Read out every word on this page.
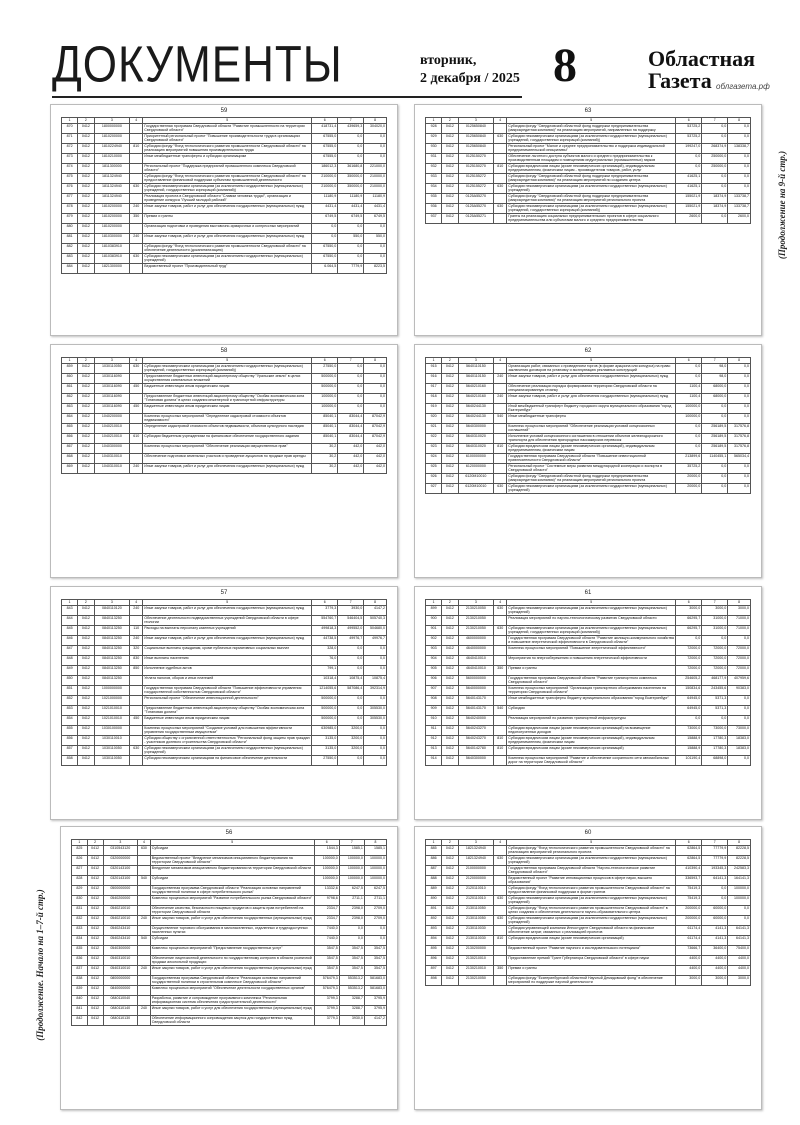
ДОКУМЕНТЫ	вторник,
2 декабря / 2025 8	Областная
Газета облгазета.рф
(Продолжение на 9-й стр.)
(Продолжение. Начало на 1–7-й стр.)
59
1	2	3	4	5	6	7	8
870	0412	1800000000		Государственная программа Свердловской области "Развитие промышленности на территории Свердловской области"	418731,4	439659,3	304020,0
871	0412	1810200000		Приоритетный региональный проект "Повышение производительности труда в организациях Свердловской области"	67555,0	0,0	0,0
872	0412	1810224940	810	Субсидия фонду "Фонд технологического развития промышленности Свердловской области" на реализацию мероприятий повышения производительности труда	67555,0	0,0	0,0
873	0412	1810210000		Иные межбюджетные трансферты и субсидии организациям	67555,0	0,0	0,0
874	0412	1811300000		Региональный проект "Поддержка предприятий промышленного комплекса Свердловской области"	186012,3	361680,8	221000,0
875	0412	1811324940		Субсидия фонду "Фонд технологического развития промышленности Свердловской области" на предоставление финансовой поддержки субъектам промышленной деятельности	210000,0	350000,0	210000,0
876	0412	1811324940	630	Субсидии некоммерческим организациям (за исключением государственных (муниципальных) учреждений, государственных корпораций (компаний))	210000,0	350000,0	210000,0
877	0412	1811324940		Реализация проекта в Свердловской области "Славим человека труда!", организация и проведение конкурса "Лучший молодой рабочий"	11180,9	11180,9	11180,9
878	0412	1810200000	240	Иные закупки товаров, работ и услуг для обеспечения государственных (муниципальных) нужд	4431,4	4431,4	4431,4
879	0412	1810200000	350	Премии и гранты	6749,5	6749,5	6749,5
880	0412	1810200000		Организация подготовки и проведения выставочно-ярмарочных и конгрессных мероприятий	0,0	0,0	0,0
881	0412	1810300000	240	Иные закупки товаров, работ и услуг для обеспечения государственных (муниципальных) нужд	0,0	550,0	550,0
882	0412	1810383910		Субсидия фонду "Фонд технологического развития промышленности Свердловской области" на обеспечение деятельности (докапитализацию)	67550,0	0,0	0,0
883	0412	1810383910	630	Субсидии некоммерческим организациям (за исключением государственных (муниципальных) учреждений)	67550,0	0,0	0,0
884	0412	1821300000		Ведомственный проект "Производительный труд"	6.064,5	7779,9	8223,5
63
1	2	3	4	5	6	7	8
928	0412	0125650840		Субсидия фонду "Свердловский областной фонд поддержки предпринимательства (микрокредитная компания)" на реализацию мероприятий, направленных на поддержку	53725,2	0,0	0,0
929	0412	0125650840	630	Субсидии некоммерческим организациям (за исключением государственных (муниципальных) учреждений, государственных корпораций (компаний))	53725,2	0,0	0,0
930	0412	0125650840		Региональный проект "Малое и среднее предпринимательство и поддержка индивидуальной предпринимательской инициативы"	199247,0	268374,9	138338,7
931	0412	0125150270		Обеспечение льготного доступа субъектов малого и среднего предпринимательства к производственным площадям и помещениям индустриальных (промышленных) парков	0,0	250000,0	0,0
932	0412	0125150270	810	Субсидии юридическим лицам (кроме некоммерческих организаций), индивидуальным предпринимателям, физическим лицам - производителям товаров, работ, услуг	0,0	250000,0	0,0
933	0412	0125155272		Субсидия фонду "Свердловский областной фонд поддержки предпринимательства (микрокредитная компания)" на реализацию мероприятий по созданию центра	41625,1	0,0	0,0
934	0412	0125155272	630	Субсидии некоммерческим организациям (за исключением государственных (муниципальных) учреждений)	41625,1	0,0	0,0
935	0412	0125A55270		Субсидия фонду "Свердловский областной фонд поддержки предпринимательства (микрокредитная компания)" на реализацию мероприятий регионального проекта	155021,9	18374,9	133738,7
936	0412	0125A55270	630	Субсидии некоммерческим организациям (за исключением государственных (муниципальных) учреждений, государственных корпораций (компаний))	155021,9	18374,9	133738,7
937	0412	0125A55271		Гранты на реализацию социальных предпринимательских проектов в сфере социального предпринимательства или субъектами малого и среднего предпринимательства	2600,0	0,0	2600,0
58
1	2	3	4	5	6	7	8
859	0412	1030110050	630	Субсидии некоммерческим организациям (за исключением государственных (муниципальных) учреждений, государственных корпораций (компаний))	27550,0	0,0	0,0
860	0412	1030116090		Предоставление бюджетных инвестиций акционерному обществу "Уральские земли" в целях осуществления капитальных вложений	500000,0	0,0	0,0
861	0412	1030116090	450	Бюджетные инвестиции иным юридическим лицам	500000,0	0,0	0,0
862	0412	1030116090		Предоставление бюджетных инвестиций акционерному обществу "Особая экономическая зона "Титановая долина" в целях создания инженерной и транспортной инфраструктуры	100000,0	0,0	0,0
863	0412	1030116090	450	Бюджетные инвестиции иным юридическим лицам	100000,0	0,0	0,0
864	0412	1040200000		Комплекс процессных мероприятий "Определение кадастровой стоимости объектов недвижимости"	85040,1	83044,4	87042,9
865	0412	1040210010		Определение кадастровой стоимости объектов недвижимости, объектов культурного наследия	85040,1	83044,4	87042,9
866	0412	1040210010	610	Субсидии бюджетным учреждениям на финансовое обеспечение государственного задания	85040,1	83044,4	87042,9
867	0412	1040300000		Комплекс процессных мероприятий "Обеспечение реализации имущественных прав"	30,2	442,0	442,0
868	0412	1040310010		Обеспечение подготовки земельных участков и проведение аукционов по продаже прав аренды	30,2	442,0	442,0
869	0412	1040310010	240	Иные закупки товаров, работ и услуг для обеспечения государственных (муниципальных) нужд	30,2	442,0	442,0
62
1	2	3	4	5	6	7	8
915	0412	5640110150		Организация работ, связанных с проведением торгов (в форме аукциона или конкурса) на право заключения договоров на установку и эксплуатацию рекламных конструкций	0,0	98,0	0,0
916	0412	5640110150	240	Иные закупки товаров, работ и услуг для обеспечения государственных (муниципальных) нужд	0,0	98,0	0,0
917	0412	5640210160		Обеспечение реализации порядка формирования территории Свердловской области на специализированную стоянку	1100,4	68000,0	0,0
918	0412	5640210160	240	Иные закупки товаров, работ и услуг для обеспечения государственных (муниципальных) нужд	1100,4	68000,0	0,0
919	0412	5640244130		Иной межбюджетный трансферт бюджету городского округа муниципального образования "город Екатеринбург"	100000,0	0,0	0,0
920	0412	5640244130	540	Иные межбюджетные трансферты	100000,0	0,0	0,0
921	0412	5640300000		Комплекс процессных мероприятий "Обеспечение реализации условий концессионных соглашений"	0,0	256189,5	317576,8
922	0412	5640310020		Исполнение условий концессионного соглашения в отношении объектов железнодорожного транспорта для обеспечения пригородных пассажирских перевозок	0,0	256189,5	317576,8
923	0412	5640310020	810	Субсидии юридическим лицам (кроме некоммерческих организаций), индивидуальным предпринимателям, физическим лицам	0,0	256189,5	317576,8
924	0412	6100000000		Государственная программа Свердловской области "Повышение инвестиционной привлекательности Свердловской области"	213899,6	1140455,1	565034,4
925	0412	6120000000		Региональный проект "Системные меры развития международной кооперации и экспорта в Свердловской области"	35725,2	0,0	0,0
926	0412	6120M10010		Субсидия фонду "Свердловский областной фонд поддержки предпринимательства (микрокредитная компания)" на реализацию мероприятий регионального проекта	20000,0	0,0	0,0
927	0412	6120M10010	630	Субсидии некоммерческим организациям (за исключением государственных (муниципальных) учреждений)	20000,0	0,0	0,0
57
1	2	3	4	5	6	7	8
843	0412	0840110120	240	Иные закупки товаров, работ и услуг для обеспечения государственных (муниципальных) нужд	3779,3	3930,0	4147,2
844	0412	0840113250		Обеспечение деятельности подведомственных учреждений Свердловской области в сфере геологии	554760,7	546404,5	505740,3
845	0412	0840113250	110	Расходы на выплаты персоналу казенных учреждений	499818,3	499552,0	504680,0
846	0412	0840113250	240	Иные закупки товаров, работ и услуг для обеспечения государственных (муниципальных) нужд	44738,5	49976,7	49976,7
847	0412	0840113250	320	Социальные выплаты гражданам, кроме публичных нормативных социальных выплат	328,0	0,0	0,0
848	0412	0840113250	830	Иные выплаты населению	76,0	0,0	0,0
849	0412	0840113250	850	Исполнение судебных актов	799,1	0,0	0,0
850	0412	0840113250		Уплата налогов, сборов и иных платежей	10318,4	10875,4	10875,4
851	0412	1000000000		Государственная программа Свердловской области "Повышение эффективности управления государственной собственностью Свердловской области"	1214055,6	587086,4	392314,9
852	0412	1021000000		Региональный проект "Обеспечение инвестиционной деятельности"	500000,0	0,0	0,0
853	0412	1021010010		Предоставление бюджетных инвестиций акционерному обществу "Особая экономическая зона "Титановая долина"	500000,0	0,0	305530,0
854	0412	1021010010	450	Бюджетные инвестиции иным юридическим лицам	500000,0	0,0	305530,0
855	0412	1030100000		Комплекс процессных мероприятий "Создание условий для повышения эффективности управления государственным имуществом"	630985,0	3200,0	0,0
856	0412	1030110010		Субсидия обществу с ограниченной ответственностью "Региональный фонд защиты прав граждан - участников долевого строительства Свердловской области"	3135,0	3200,0	0,0
857	0412	1030110050	630	Субсидии некоммерческим организациям (за исключением государственных (муниципальных) учреждений)	3135,0	3200,0	0,0
858	0412	1030110050		Субсидия некоммерческим организациям на финансовое обеспечение деятельности	27550,0	0,0	0,0
61
1	2	3	4	5	6	7	8
899	0412	2130210050	630	Субсидии некоммерческим организациям (за исключением государственных (муниципальных) учреждений)	3000,0	3000,0	3000,0
900	0412	2130210050		Реализация мероприятий по научно-технологическому развитию Свердловской области	66295,7	31000,0	71000,0
901	0412	2130210050	630	Субсидии некоммерческим организациям (за исключением государственных (муниципальных) учреждений, государственных корпораций (компаний))	66295,7	31000,0	71000,0
902	0412	4600000000		Государственная программа Свердловской области "Развитие жилищно-коммунального хозяйства и повышение энергетической эффективности в Свердловской области"	0,0	0,0	0,0
903	0412	4640000000		Комплекс процессных мероприятий "Повышение энергетической эффективности"	72000,0	72000,0	72000,0
904	0412	4640410010		Мероприятия по энергосбережению и повышению энергетической эффективности	72000,0	72000,0	72000,0
905	0412	4640410010	350	Премии и гранты	72000,0	72000,0	72000,0
906	0412	5600000000		Государственная программа Свердловской области "Развитие транспортного комплекса Свердловской области"	254605,2	468177,9	407959,6
907	0412	5640000000		Комплекс процессных мероприятий "Организация транспортного обслуживания населения на территории Свердловской области"	150834,6	243455,6	90383,0
908	0412	5640143170		Иные межбюджетные трансферты бюджету муниципального образования "город Екатеринбург"	64945,0	5371,3	0,0
909	0412	5640143170	540	Субсидии	64945,0	5371,3	0,0
910	0412	5640240000		Реализация мероприятий по развитию транспортной инфраструктуры	0,0	0,0	0,0
911	0412	5640243270		Субсидии юридическим лицам (кроме некоммерческих организаций) на возмещение недополученных доходов	73000,0	73000,0	73000,0
912	0412	5640243270	810	Субсидии юридическим лицам (кроме некоммерческих организаций), индивидуальным предпринимателям, физическим лицам	15888,9	17780,3	18383,0
913	0412	5640142780	810	Субсидии юридическим лицам (кроме некоммерческих организаций)	15888,9	17780,3	18383,0
914	0412	5640300000		Комплекс процессных мероприятий "Развитие и обеспечение сохранности сети автомобильных дорог на территории Свердловской области"	101190,4	68898,0	0,0
56
1	2	3	4	5	6	7	8
825	0412	0310543120	630	Субсидии	1544,3	1585,1	1585,1
826	0412	0320000000		Ведомственный проект "Внедрение механизмов инициативного бюджетирования на территории Свердловской области"	100000,0	100000,0	100000,0
827	0412	0320143100		Внедрение механизмов инициативного бюджетирования на территории Свердловской области	100000,0	100000,0	100000,0
828	0412	0320143100	540	Субсидии	100000,0	100000,0	100000,0
829	0412	0500000000		Государственная программа Свердловской области "Реализация основных направлений государственной политики в сфере потребительского рынка"	13332,6	6247,5	6247,5
830	0412	0540200000		Комплекс процессных мероприятий "Развитие потребительского рынка Свердловской области"	9798,6	2711,1	2711,1
831	0412	0540210010		Обеспечение качества, безопасности пищевых продуктов и защиты прав потребителей на территории Свердловской области	2334,7	2398,0	2709,0
832	0412	0540210010	240	Иные закупки товаров, работ и услуг для обеспечения государственных (муниципальных) нужд	2334,7	2398,0	2709,0
833	0412	0540243410		Осуществление торгового обслуживания в малонаселенных, отдаленных и труднодоступных населенных пунктах	7440,0	0,0	0,0
834	0412	0540243410	540	Субсидии	7440,0	0,0	0,0
835	0412	0540300000		Комплекс процессных мероприятий "Предоставление государственных услуг"	3547,5	3547,5	3547,5
836	0412	0540310010		Обеспечение лицензионной деятельности по государственному контролю в области розничной продажи алкогольной продукции	3547,5	3547,5	3547,5
837	0412	0540310010	240	Иные закупки товаров, работ и услуг для обеспечения государственных (муниципальных) нужд	3547,5	3547,5	3547,5
838	0412	0800000000		Государственная программа Свердловской области "Реализация основных направлений государственной политики в строительном комплексе Свердловской области"	576479,3	553513,2	581683,0
839	0412	0840000000		Комплекс процессных мероприятий "Обеспечение деятельности государственных органов"	576479,3	553513,2	581683,0
840	0412	0840110040		Разработка, развитие и сопровождение программного комплекса "Региональная информационная система обеспечения градостроительной деятельности"	3799,3	3288,7	3795,9
841	0412	0840110140	240	Иные закупки товаров, работ и услуг для обеспечения государственных (муниципальных) нужд	3799,3	3288,7	3795,9
842	0412	0840110130		Обеспечение информационного сопровождения закупок для государственных нужд Свердловской области	3779,3	3930,0	4147,2
60
1	2	3	4	5	6	7	8
885	0412	1821324940		Субсидия фонду "Фонд технологического развития промышленности Свердловской области" на реализацию мероприятий регионального проекта	62864,5	77779,9	82228,5
886	0412	1821324940	630	Субсидии некоммерческим организациям (за исключением государственных (муниципальных) учреждений)	62864,5	77779,9	82228,5
887	0412	2100000000		Государственная программа Свердловской области "Научно-технологическое развитие Свердловской области"	410390,4	193345,3	242583,3
888	0412	2120000000		Ведомственный проект "Развитие инновационных процессов в сфере науки, высшего образования"	336593,7	64141,3	164141,3
889	0412	2120110010		Субсидия фонду "Фонд технологического развития промышленности Свердловской области" на предоставление финансовой поддержки в форме грантов	75419,3	0,0	100000,0
890	0412	2120110010	630	Субсидии некоммерческим организациям (за исключением государственных (муниципальных) учреждений)	75419,3	0,0	100000,0
891	0412	2130110050		Субсидия фонду "Фонд технологического развития промышленности Свердловской области" в целях создания и обеспечения деятельности научно-образовательного центра	200000,0	60000,0	0,0
892	0412	2130110050	630	Субсидии некоммерческим организациям (за исключением государственных (муниципальных) учреждений)	200000,0	60000,0	0,0
893	0412	2130110030		Субсидия управляющей компании Инностудент Свердловской области на финансовое обеспечение затрат, связанных с реализацией проектов	61174,4	4141,3	64141,3
894	0412	2130110030	810	Субсидии юридическим лицам (кроме некоммерческих организаций)	61174,4	4141,3	64141,3
895	0412	2130200000		Ведомственный проект "Развитие научного и исследовательского потенциала"	73666,7	36400,0	75400,0
896	0412	2130210010		Предоставление премий "Грант Губернатора Свердловской области" в сфере науки	4400,0	4400,0	4400,0
897	0412	2130210010	350	Премии и гранты	4400,0	4400,0	4400,0
898	0412	2130210050		Субсидия фонду "Екатеринбургский областной Научный Демидовский фонд" в обеспечение мероприятий по поддержке научной деятельности	3000,0	3000,0	3000,0
